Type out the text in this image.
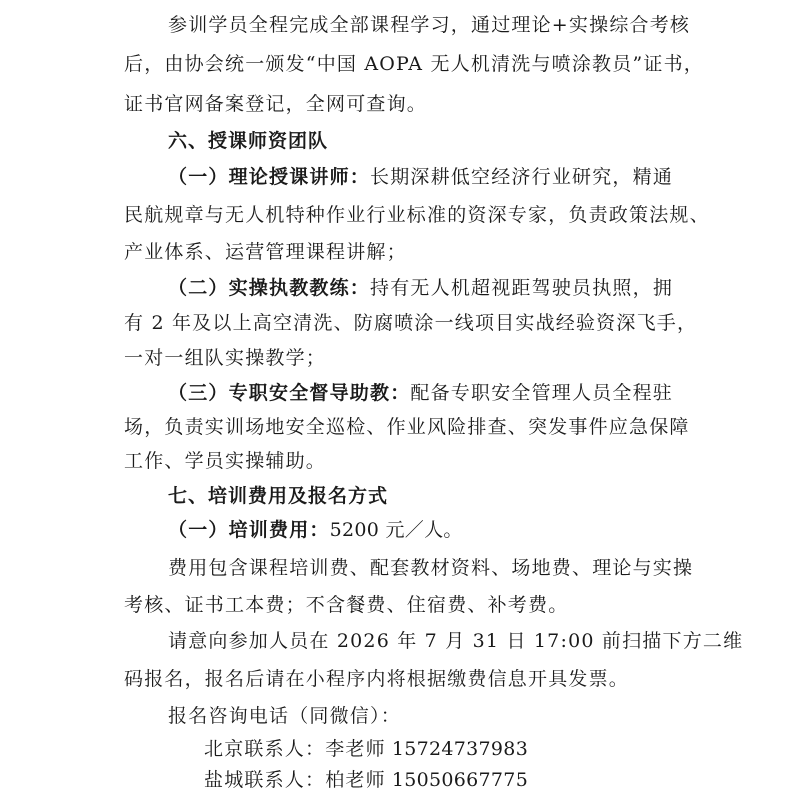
参训学员全程完成全部课程学习，通过理论+实操综合考核
后，由协会统一颁发“中国 AOPA 无人机清洗与喷涂教员”证书，
证书官网备案登记，全网可查询。
六、授课师资团队
（一）理论授课讲师：长期深耕低空经济行业研究，精通
民航规章与无人机特种作业行业标准的资深专家，负责政策法规、
产业体系、运营管理课程讲解；
（二）实操执教教练：持有无人机超视距驾驶员执照，拥
有 2 年及以上高空清洗、防腐喷涂一线项目实战经验资深飞手，
一对一组队实操教学；
（三）专职安全督导助教：配备专职安全管理人员全程驻
场，负责实训场地安全巡检、作业风险排查、突发事件应急保障
工作、学员实操辅助。
七、培训费用及报名方式
（一）培训费用：5200 元／人。
费用包含课程培训费、配套教材资料、场地费、理论与实操
考核、证书工本费；不含餐费、住宿费、补考费。
请意向参加人员在 2026 年 7 月 31 日 17:00 前扫描下方二维
码报名，报名后请在小程序内将根据缴费信息开具发票。
报名咨询电话（同微信）：
北京联系人：李老师 15724737983
盐城联系人：柏老师 15050667775
